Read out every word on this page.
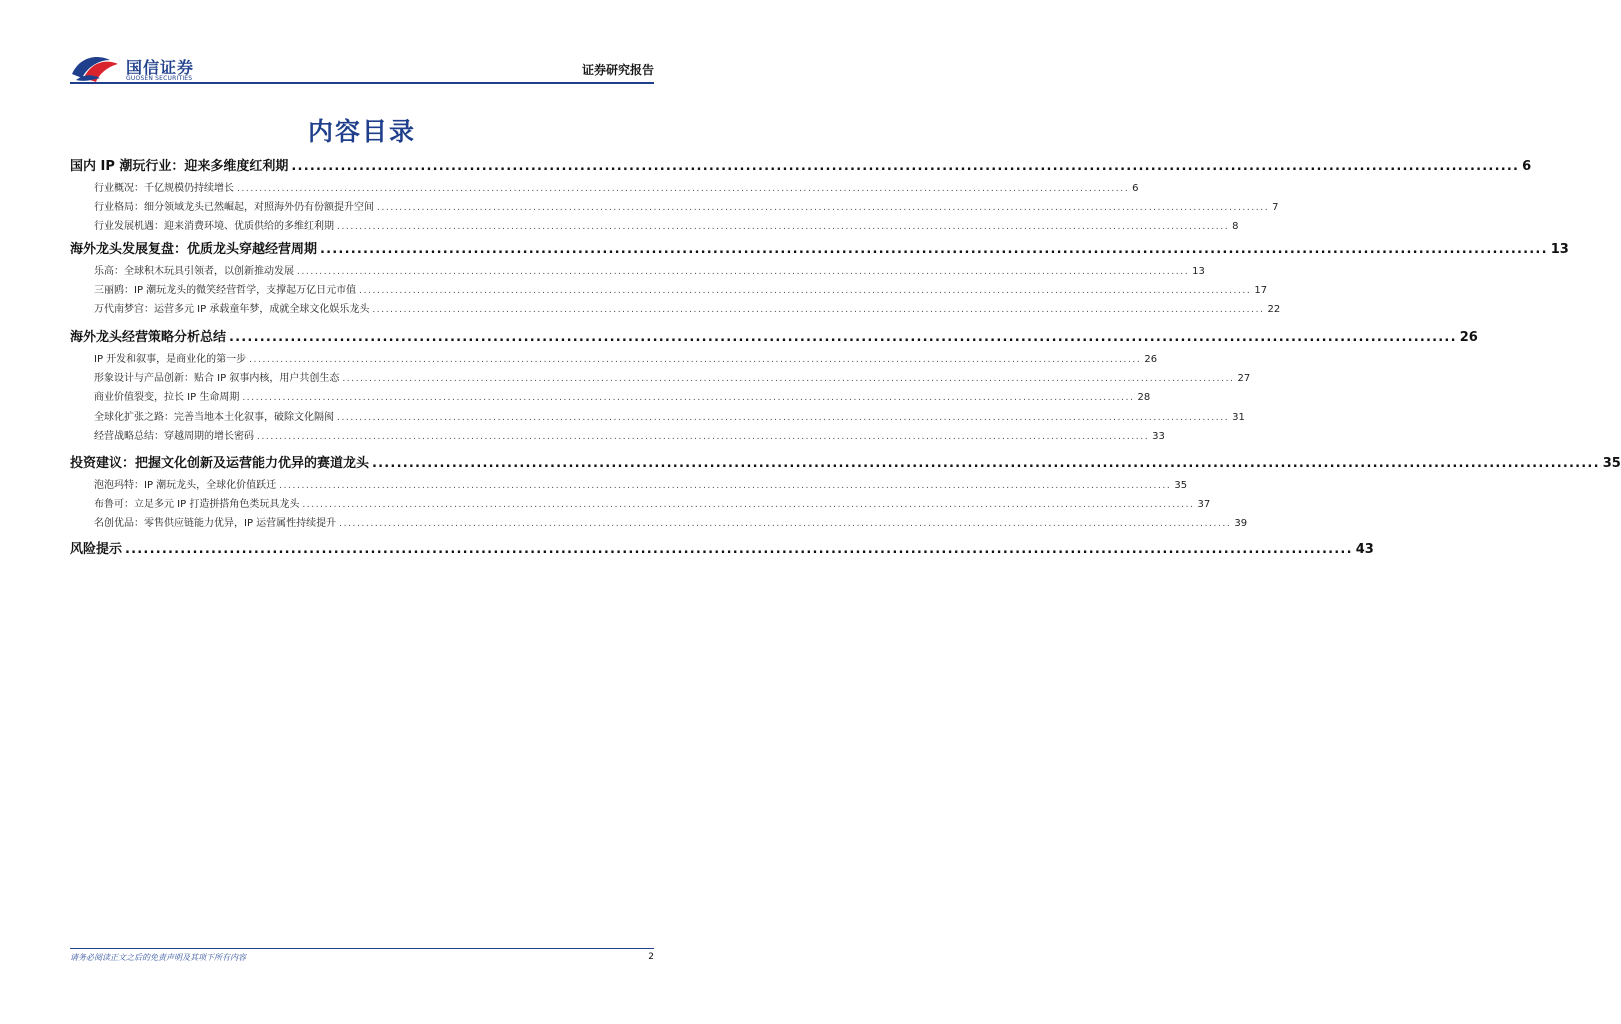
国信证券
GUOSEN SECURITIES
证券研究报告
内容目录
国内 IP 潮玩行业：迎来多维度红利期 ........................................................................................................................................................................................................ 6
行业概况：千亿规模仍持续增长 ........................................................................................................................................................................................................ 6
行业格局：细分领域龙头已然崛起，对照海外仍有份额提升空间 ........................................................................................................................................................................................................ 7
行业发展机遇：迎来消费环境、优质供给的多维红利期 ........................................................................................................................................................................................................ 8
海外龙头发展复盘：优质龙头穿越经营周期 ........................................................................................................................................................................................................ 13
乐高：全球积木玩具引领者，以创新推动发展 ........................................................................................................................................................................................................ 13
三丽鸥：IP 潮玩龙头的微笑经营哲学，支撑起万亿日元市值 ........................................................................................................................................................................................................ 17
万代南梦宫：运营多元 IP 承载童年梦，成就全球文化娱乐龙头 ........................................................................................................................................................................................................ 22
海外龙头经营策略分析总结 ........................................................................................................................................................................................................ 26
IP 开发和叙事，是商业化的第一步 ........................................................................................................................................................................................................ 26
形象设计与产品创新：贴合 IP 叙事内核，用户共创生态 ........................................................................................................................................................................................................ 27
商业价值裂变，拉长 IP 生命周期 ........................................................................................................................................................................................................ 28
全球化扩张之路：完善当地本土化叙事，破除文化隔阂 ........................................................................................................................................................................................................ 31
经营战略总结：穿越周期的增长密码 ........................................................................................................................................................................................................ 33
投资建议：把握文化创新及运营能力优异的赛道龙头 ........................................................................................................................................................................................................ 35
泡泡玛特：IP 潮玩龙头，全球化价值跃迁 ........................................................................................................................................................................................................ 35
布鲁可：立足多元 IP 打造拼搭角色类玩具龙头 ........................................................................................................................................................................................................ 37
名创优品：零售供应链能力优异，IP 运营属性持续提升 ........................................................................................................................................................................................................ 39
风险提示 ........................................................................................................................................................................................................ 43
请务必阅读正文之后的免责声明及其项下所有内容	2
